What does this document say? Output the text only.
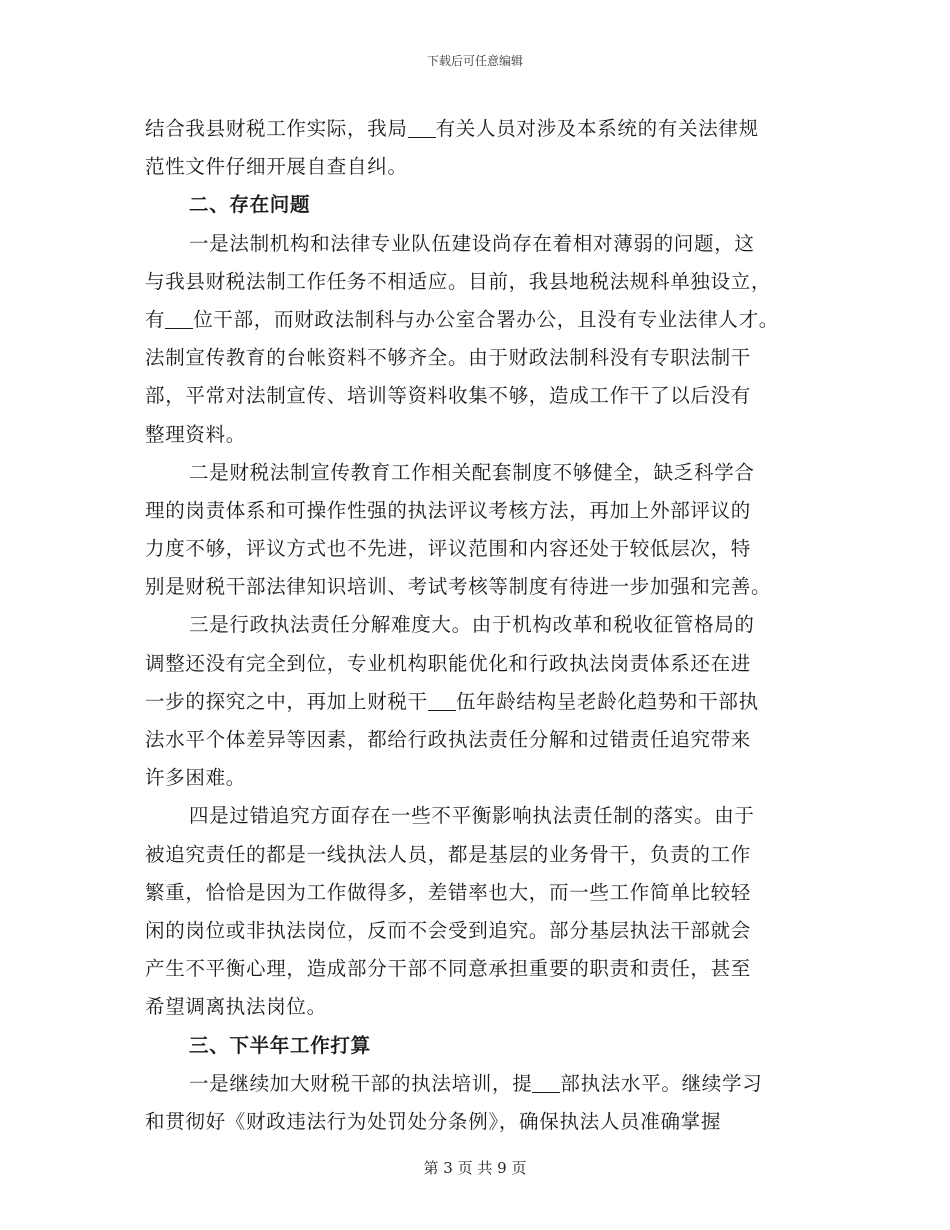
下载后可任意编辑
结合我县财税工作实际，我局 有关人员对涉及本系统的有关法律规
范性文件仔细开展自查自纠。
二、存在问题
一是法制机构和法律专业队伍建设尚存在着相对薄弱的问题，这
与我县财税法制工作任务不相适应。目前，我县地税法规科单独设立，
有 位干部，而财政法制科与办公室合署办公，且没有专业法律人才。
法制宣传教育的台帐资料不够齐全。由于财政法制科没有专职法制干
部，平常对法制宣传、培训等资料收集不够，造成工作干了以后没有
整理资料。
二是财税法制宣传教育工作相关配套制度不够健全，缺乏科学合
理的岗责体系和可操作性强的执法评议考核方法，再加上外部评议的
力度不够，评议方式也不先进，评议范围和内容还处于较低层次，特
别是财税干部法律知识培训、考试考核等制度有待进一步加强和完善。
三是行政执法责任分解难度大。由于机构改革和税收征管格局的
调整还没有完全到位，专业机构职能优化和行政执法岗责体系还在进
一步的探究之中，再加上财税干 伍年龄结构呈老龄化趋势和干部执
法水平个体差异等因素，都给行政执法责任分解和过错责任追究带来
许多困难。
四是过错追究方面存在一些不平衡影响执法责任制的落实。由于
被追究责任的都是一线执法人员，都是基层的业务骨干，负责的工作
繁重，恰恰是因为工作做得多，差错率也大，而一些工作简单比较轻
闲的岗位或非执法岗位，反而不会受到追究。部分基层执法干部就会
产生不平衡心理，造成部分干部不同意承担重要的职责和责任，甚至
希望调离执法岗位。
三、下半年工作打算
一是继续加大财税干部的执法培训，提 部执法水平。继续学习
和贯彻好《财政违法行为处罚处分条例》，确保执法人员准确掌握
第 3 页 共 9 页
